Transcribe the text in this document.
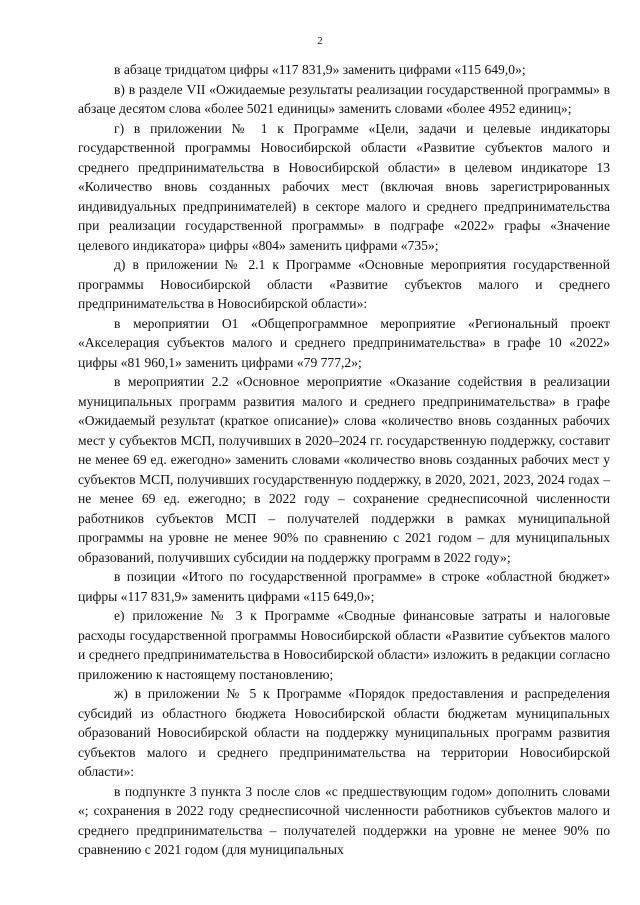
2

в абзаце тридцатом цифры «117 831,9» заменить цифрами «115 649,0»;

в) в разделе VII «Ожидаемые результаты реализации государственной программы» в абзаце десятом слова «более 5021 единицы» заменить словами «более 4952 единиц»;

г) в приложении № 1 к Программе «Цели, задачи и целевые индикаторы государственной программы Новосибирской области «Развитие субъектов малого и среднего предпринимательства в Новосибирской области» в целевом индикаторе 13 «Количество вновь созданных рабочих мест (включая вновь зарегистрированных индивидуальных предпринимателей) в секторе малого и среднего предпринимательства при реализации государственной программы» в подграфе «2022» графы «Значение целевого индикатора» цифры «804» заменить цифрами «735»;

д) в приложении № 2.1 к Программе «Основные мероприятия государственной программы Новосибирской области «Развитие субъектов малого и среднего предпринимательства в Новосибирской области»:

в мероприятии O1 «Общепрограммное мероприятие «Региональный проект «Акселерация субъектов малого и среднего предпринимательства» в графе 10 «2022» цифры «81 960,1» заменить цифрами «79 777,2»;

в мероприятии 2.2 «Основное мероприятие «Оказание содействия в реализации муниципальных программ развития малого и среднего предпринимательства» в графе «Ожидаемый результат (краткое описание)» слова «количество вновь созданных рабочих мест у субъектов МСП, получивших в 2020–2024 гг. государственную поддержку, составит не менее 69 ед. ежегодно» заменить словами «количество вновь созданных рабочих мест у субъектов МСП, получивших государственную поддержку, в 2020, 2021, 2023, 2024 годах – не менее 69 ед. ежегодно; в 2022 году – сохранение среднесписочной численности работников субъектов МСП – получателей поддержки в рамках муниципальной программы на уровне не менее 90% по сравнению с 2021 годом – для муниципальных образований, получивших субсидии на поддержку программ в 2022 году»;

в позиции «Итого по государственной программе» в строке «областной бюджет» цифры «117 831,9» заменить цифрами «115 649,0»;

е) приложение № 3 к Программе «Сводные финансовые затраты и налоговые расходы государственной программы Новосибирской области «Развитие субъектов малого и среднего предпринимательства в Новосибирской области» изложить в редакции согласно приложению к настоящему постановлению;

ж) в приложении № 5 к Программе «Порядок предоставления и распределения субсидий из областного бюджета Новосибирской области бюджетам муниципальных образований Новосибирской области на поддержку муниципальных программ развития субъектов малого и среднего предпринимательства на территории Новосибирской области»:

в подпункте 3 пункта 3 после слов «с предшествующим годом» дополнить словами «; сохранения в 2022 году среднесписочной численности работников субъектов малого и среднего предпринимательства – получателей поддержки на уровне не менее 90% по сравнению с 2021 годом (для муниципальных
